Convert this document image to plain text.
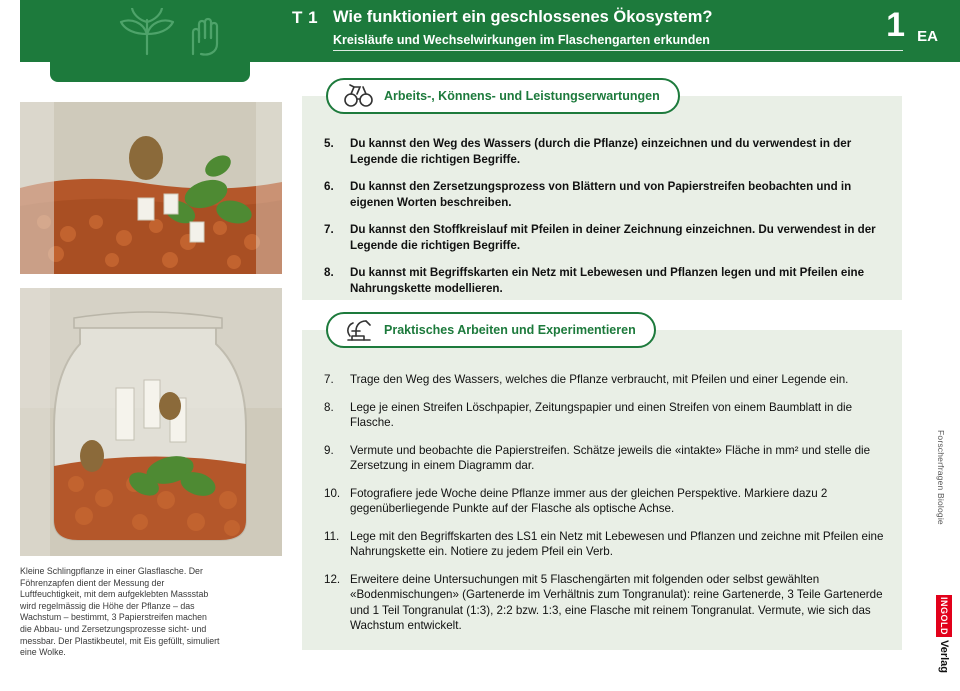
T 1 Wie funktioniert ein geschlossenes Ökosystem?
Kreisläufe und Wechselwirkungen im Flaschengarten erkunden	1 EA
Kleine Schlingpflanze in einer Glasflasche. Der Föhrenzapfen dient der Messung der Luftfeuchtigkeit, mit dem aufgeklebten Massstab wird regelmässig die Höhe der Pflanze – das Wachstum – bestimmt, 3 Papierstreifen machen die Abbau- und Zersetzungsprozesse sicht- und messbar. Der Plastikbeutel, mit Eis gefüllt, simuliert eine Wolke.
Arbeits-, Könnens- und Leistungserwartungen
5.	Du kannst den Weg des Wassers (durch die Pflanze) einzeichnen und du verwendest in der Legende die richtigen Begriffe.
6.	Du kannst den Zersetzungsprozess von Blättern und von Papierstreifen beobachten und in eigenen Worten beschreiben.
7.	Du kannst den Stoffkreislauf mit Pfeilen in deiner Zeichnung einzeichnen. Du verwendest in der Legende die richtigen Begriffe.
8.	Du kannst mit Begriffskarten ein Netz mit Lebewesen und Pflanzen legen und mit Pfeilen eine Nahrungskette modellieren.
Praktisches Arbeiten und Experimentieren
7.	Trage den Weg des Wassers, welches die Pflanze verbraucht, mit Pfeilen und einer Legende ein.
8.	Lege je einen Streifen Löschpapier, Zeitungspapier und einen Streifen von einem Baumblatt in die Flasche.
9.	Vermute und beobachte die Papierstreifen. Schätze jeweils die «intakte» Fläche in mm² und stelle die Zersetzung in einem Diagramm dar.
10. Fotografiere jede Woche deine Pflanze immer aus der gleichen Perspektive. Markiere dazu 2 gegenüberliegende Punkte auf der Flasche als optische Achse.
11. Lege mit den Begriffskarten des LS1 ein Netz mit Lebewesen und Pflanzen und zeichne mit Pfeilen eine Nahrungskette ein. Notiere zu jedem Pfeil ein Verb.
12. Erweitere deine Untersuchungen mit 5 Flaschengärten mit folgenden oder selbst gewählten «Bodenmischungen» (Gartenerde im Verhältnis zum Tongranulat): reine Gartenerde, 3 Teile Gartenerde und 1 Teil Tongranulat (1:3), 2:2 bzw. 1:3, eine Flasche mit reinem Tongranulat. Vermute, wie sich das Wachstum entwickelt.
Forscherfragen Biologie
INGOLD
Verlag
